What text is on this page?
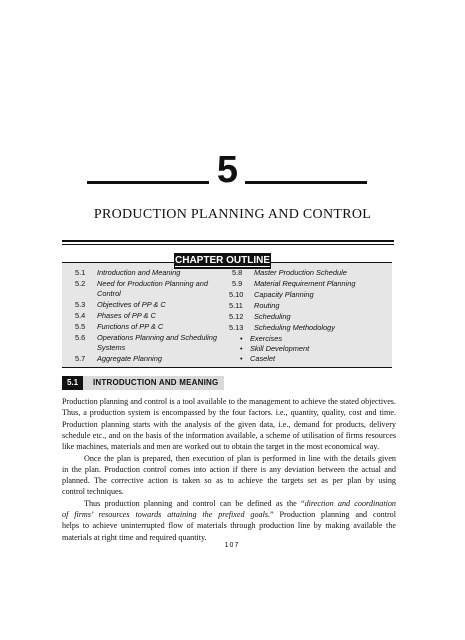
5
PRODUCTION PLANNING AND CONTROL
CHAPTER OUTLINE
5.1 Introduction and Meaning
5.2 Need for Production Planning and
Control
5.3 Objectives of PP & C
5.4 Phases of PP & C
5.5 Functions of PP & C
5.6 Operations Planning and Scheduling
Systems
5.7 Aggregate Planning
5.8 Master Production Schedule
5.9 Material Requirement Planning
5.10 Capacity Planning
5.11 Routing
5.12 Scheduling
5.13 Scheduling Methodology
• Exercises
• Skill Development
• Caselet
5.1	INTRODUCTION AND MEANING
Production planning and control is a tool available to the management to achieve the stated objectives.
Thus, a production system is encompassed by the four factors. i.e., quantity, quality, cost and time.
Production planning starts with the analysis of the given data, i.e., demand for products, delivery
schedule etc., and on the basis of the information available, a scheme of utilisation of firms resources
like machines, materials and men are worked out to obtain the target in the most economical way.
Once the plan is prepared, then execution of plan is performed in line with the details given
in the plan. Production control comes into action if there is any deviation between the actual and
planned. The corrective action is taken so as to achieve the targets set as per plan by using
control techniques.
Thus production planning and control can be defined as the “direction and coordination
of firms’ resources towards attaining the prefixed goals.” Production planning and control
helps to achieve uninterrupted flow of materials through production line by making available the
materials at right time and required quantity.
107
